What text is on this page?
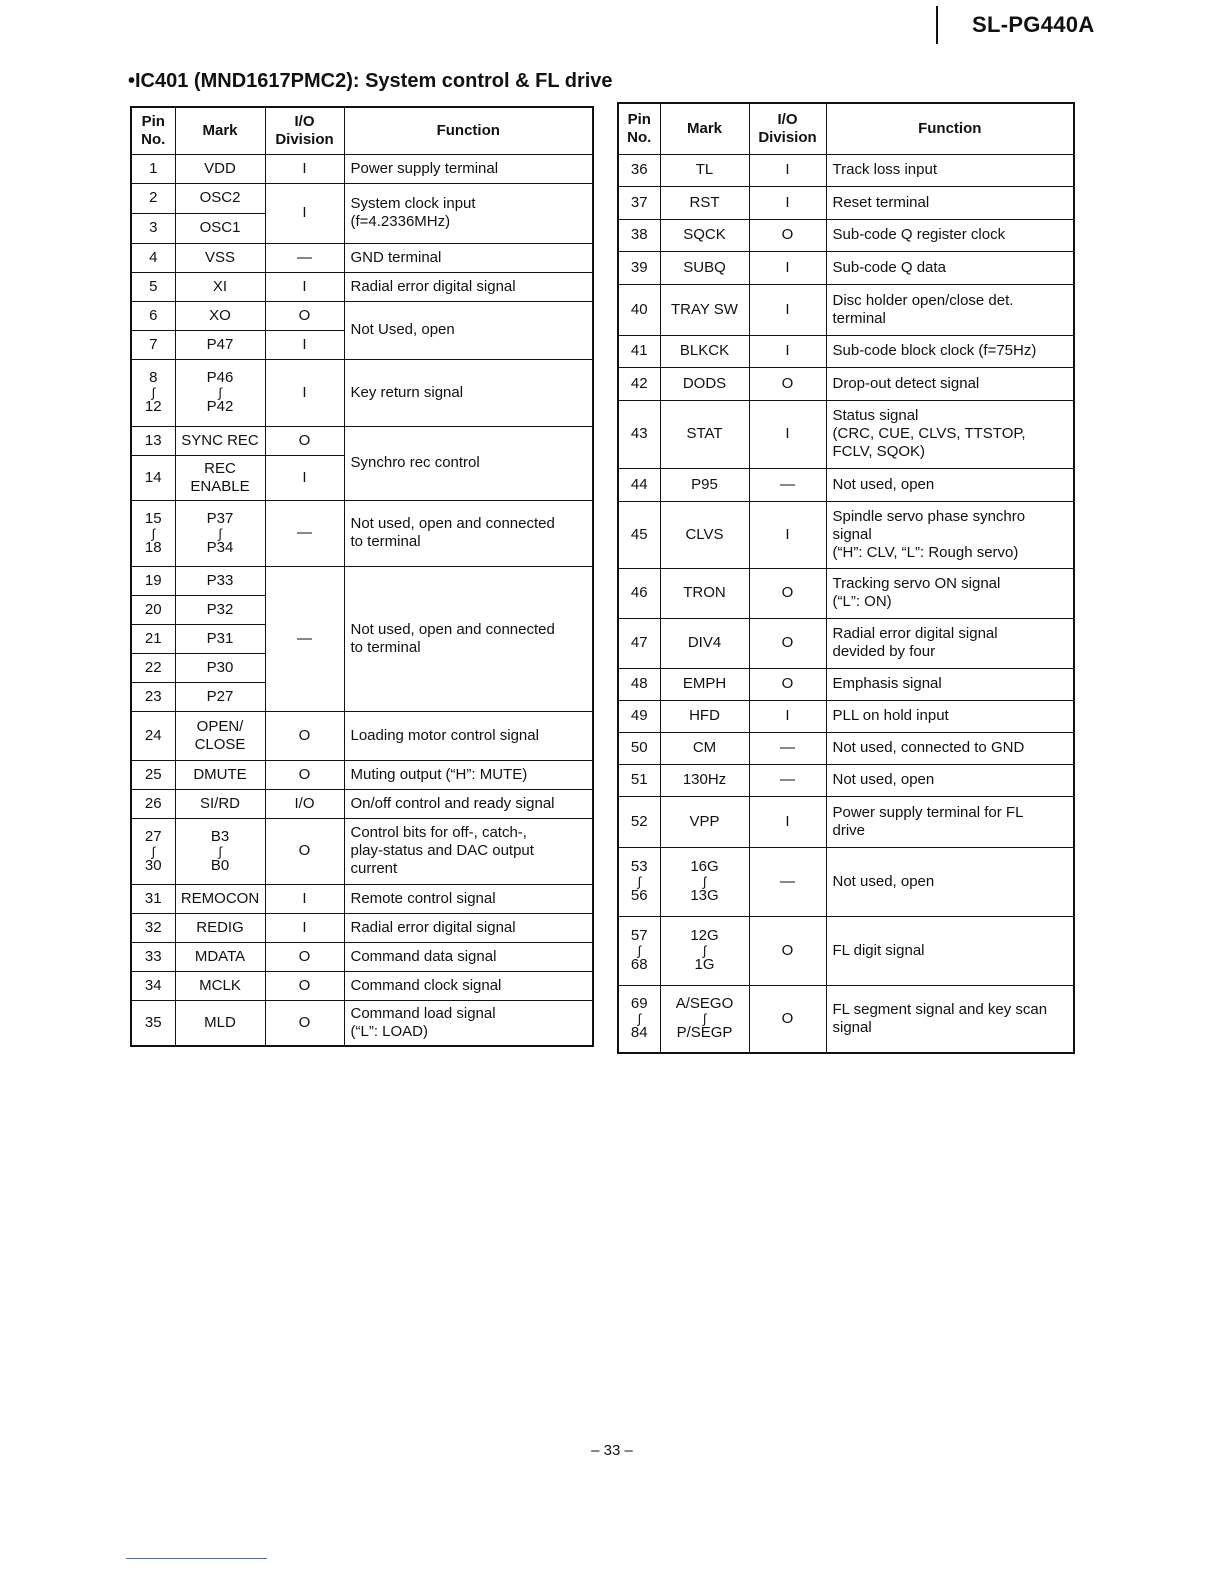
SL-PG440A
•IC401 (MND1617PMC2): System control & FL drive
Pin
No.	Mark	I/O
Division	Function
1	VDD	I	Power supply terminal
2	OSC2	I	System clock input
(f=4.2336MHz)

3	OSC1		
4	VSS	—	GND terminal
5	XI	I	Radial error digital signal
6	XO	O	Not Used, open
7	P47	I	

8
∫
12	P46
∫
P42	I	Key return signal
13	SYNC REC	O	Synchro rec control
14	REC
ENABLE	I	

15
∫
18	P37
∫
P34	—	Not used, open and connected
to terminal

19	P33	—	Not used, open and connected
to terminal

20	P32		
21	P31		
22	P30		
23	P27		
24	OPEN/
CLOSE	O	Loading motor control signal
25	DMUTE	O	Muting output (“H”: MUTE)
26	SI/RD	I/O	On/off control and ready signal

27
∫
30	B3
∫
B0	O	Control bits for off-, catch-,
play-status and DAC output
current

31	REMOCON	I	Remote control signal
32	REDIG	I	Radial error digital signal
33	MDATA	O	Command data signal
34	MCLK	O	Command clock signal
35	MLD	O	Command load signal
(“L”: LOAD)
Pin
No.	Mark	I/O
Division	Function
36	TL	I	Track loss input
37	RST	I	Reset terminal
38	SQCK	O	Sub-code Q register clock
39	SUBQ	I	Sub-code Q data
40	TRAY SW	I	Disc holder open/close det.
terminal

41	BLKCK	I	Sub-code block clock (f=75Hz)
42	DODS	O	Drop-out detect signal
43	STAT	I	Status signal
(CRC, CUE, CLVS, TTSTOP,
FCLV, SQOK)

44	P95	—	Not used, open
45	CLVS	I	Spindle servo phase synchro
signal
(“H”: CLV, “L”: Rough servo)

46	TRON	O	Tracking servo ON signal
(“L”: ON)

47	DIV4	O	Radial error digital signal
devided by four

48	EMPH	O	Emphasis signal
49	HFD	I	PLL on hold input
50	CM	—	Not used, connected to GND
51	130Hz	—	Not used, open
52	VPP	I	Power supply terminal for FL
drive

53
∫
56	16G
∫
13G	—	Not used, open

57
∫
68	12G
∫
1G	O	FL digit signal

69
∫
84	A/SEGO
∫
P/SEGP	O	FL segment signal and key scan
signal
– 33 –
